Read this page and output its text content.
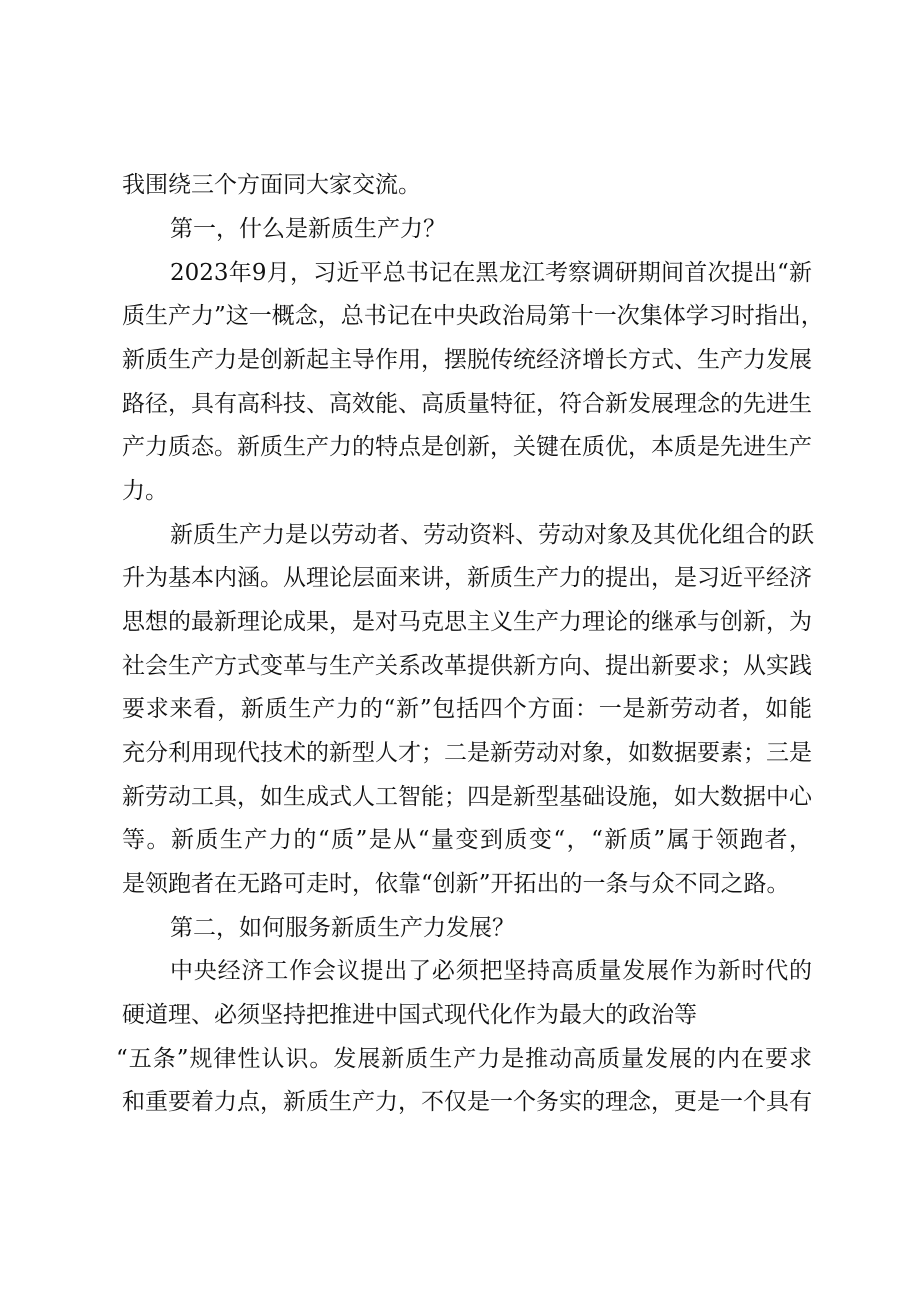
我围绕三个方面同大家交流。
第一，什么是新质生产力？
2023年9月，习近平总书记在黑龙江考察调研期间首次提出“新
质生产力”这一概念，总书记在中央政治局第十一次集体学习时指出，
新质生产力是创新起主导作用，摆脱传统经济增长方式、生产力发展
路径，具有高科技、高效能、高质量特征，符合新发展理念的先进生
产力质态。新质生产力的特点是创新，关键在质优，本质是先进生产
力。
新质生产力是以劳动者、劳动资料、劳动对象及其优化组合的跃
升为基本内涵。从理论层面来讲，新质生产力的提出，是习近平经济
思想的最新理论成果，是对马克思主义生产力理论的继承与创新，为
社会生产方式变革与生产关系改革提供新方向、提出新要求；从实践
要求来看，新质生产力的“新”包括四个方面：一是新劳动者，如能
充分利用现代技术的新型人才；二是新劳动对象，如数据要素；三是
新劳动工具，如生成式人工智能；四是新型基础设施，如大数据中心
等。新质生产力的“质”是从“量变到质变“，“新质”属于领跑者，
是领跑者在无路可走时，依靠“创新”开拓出的一条与众不同之路。
第二，如何服务新质生产力发展？
中央经济工作会议提出了必须把坚持高质量发展作为新时代的
硬道理、必须坚持把推进中国式现代化作为最大的政治等
“五条”规律性认识。发展新质生产力是推动高质量发展的内在要求
和重要着力点，新质生产力，不仅是一个务实的理念，更是一个具有
